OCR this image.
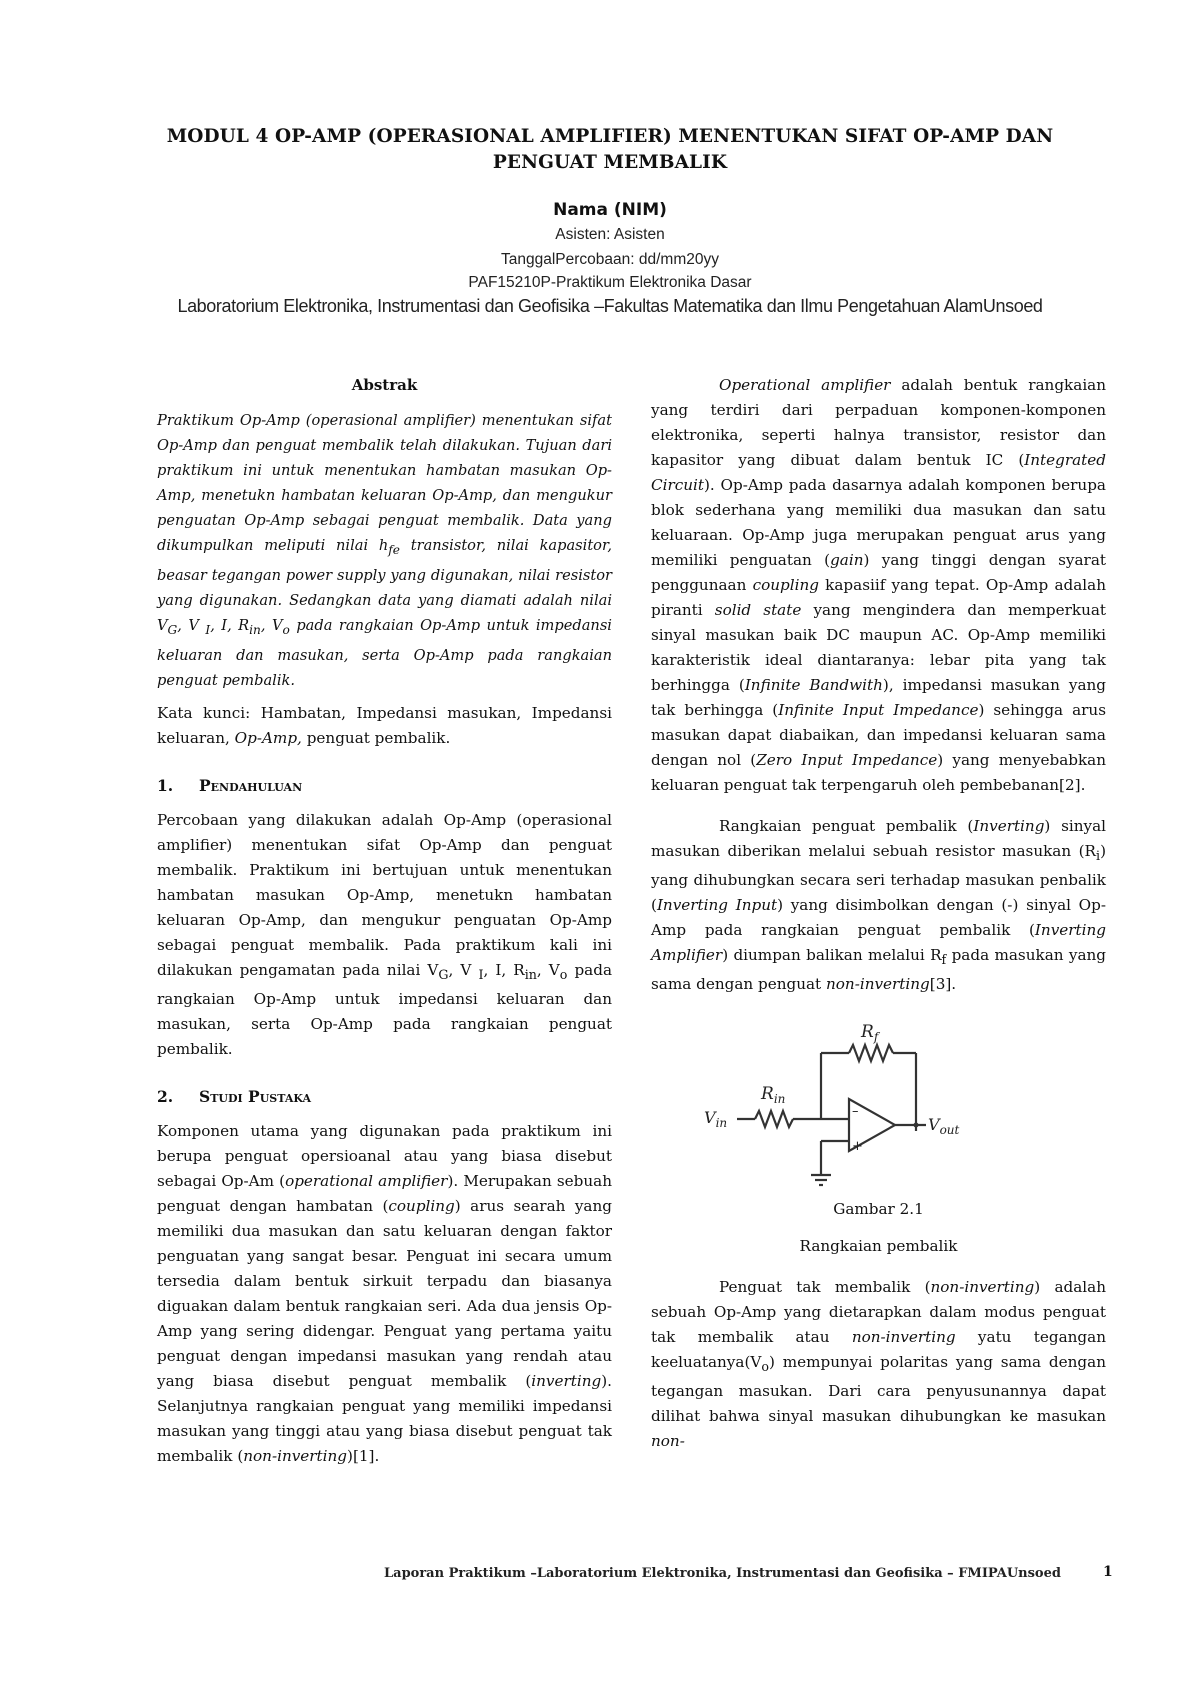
MODUL 4 OP-AMP (OPERASIONAL AMPLIFIER) MENENTUKAN SIFAT OP-AMP DAN
PENGUAT MEMBALIK
Nama (NIM)
Asisten: Asisten
TanggalPercobaan: dd/mm20yy
PAF15210P-Praktikum Elektronika Dasar
Laboratorium Elektronika, Instrumentasi dan Geofisika –Fakultas Matematika dan Ilmu Pengetahuan AlamUnsoed
Abstrak

Praktikum Op-Amp (operasional amplifier) menentukan sifat Op-Amp dan penguat membalik telah dilakukan. Tujuan dari praktikum ini untuk menentukan hambatan masukan Op-Amp, menetukn hambatan keluaran Op-Amp, dan mengukur penguatan Op-Amp sebagai penguat membalik. Data yang dikumpulkan meliputi nilai $h_{fe}$ transistor, nilai kapasitor, beasar tegangan power supply yang digunakan, nilai resistor yang digunakan. Sedangkan data yang diamati adalah nilai $V_G$, V $_I$, I, $R_{in}$, $V_o$ pada rangkaian Op-Amp untuk impedansi keluaran dan masukan, serta Op-Amp pada rangkaian penguat pembalik.

Kata kunci: Hambatan, Impedansi masukan, Impedansi keluaran, Op-Amp, penguat pembalik.

1. Pendahuluan

Percobaan yang dilakukan adalah Op-Amp (operasional amplifier) menentukan sifat Op-Amp dan penguat membalik. Praktikum ini bertujuan untuk menentukan hambatan masukan Op-Amp, menetukn hambatan keluaran Op-Amp, dan mengukur penguatan Op-Amp sebagai penguat membalik. Pada praktikum kali ini dilakukan pengamatan pada nilai $V_G$, V $_I$, I, $R_{in}$, $V_o$ pada rangkaian Op-Amp untuk impedansi keluaran dan masukan, serta Op-Amp pada rangkaian penguat pembalik.

2. Studi Pustaka

Komponen utama yang digunakan pada praktikum ini berupa penguat opersioanal atau yang biasa disebut sebagai Op-Am (operational amplifier). Merupakan sebuah penguat dengan hambatan (coupling) arus searah yang memiliki dua masukan dan satu keluaran dengan faktor penguatan yang sangat besar. Penguat ini secara umum tersedia dalam bentuk sirkuit terpadu dan biasanya diguakan dalam bentuk rangkaian seri. Ada dua jensis Op-Amp yang sering didengar. Penguat yang pertama yaitu penguat dengan impedansi masukan yang rendah atau yang biasa disebut penguat membalik (inverting). Selanjutnya rangkaian penguat yang memiliki impedansi masukan yang tinggi atau yang biasa disebut penguat tak membalik (non-inverting)[1].

Operational amplifier adalah bentuk rangkaian yang terdiri dari perpaduan komponen-komponen elektronika, seperti halnya transistor, resistor dan kapasitor yang dibuat dalam bentuk IC (Integrated Circuit). Op-Amp pada dasarnya adalah komponen berupa blok sederhana yang memiliki dua masukan dan satu keluaraan. Op-Amp juga merupakan penguat arus yang memiliki penguatan (gain) yang tinggi dengan syarat penggunaan coupling kapasiif yang tepat. Op-Amp adalah piranti solid state yang mengindera dan memperkuat sinyal masukan baik DC maupun AC. Op-Amp memiliki karakteristik ideal diantaranya: lebar pita yang tak berhingga (Infinite Bandwith), impedansi masukan yang tak berhingga (Infinite Input Impedance) sehingga arus masukan dapat diabaikan, dan impedansi keluaran sama dengan nol (Zero Input Impedance) yang menyebabkan keluaran penguat tak terpengaruh oleh pembebanan[2].

Rangkaian penguat pembalik (Inverting) sinyal masukan diberikan melalui sebuah resistor masukan $(R_i)$ yang dihubungkan secara seri terhadap masukan penbalik (Inverting Input) yang disimbolkan dengan (-) sinyal Op-Amp pada rangkaian penguat pembalik (Inverting Amplifier) diumpan balikan melalui $R_f$ pada masukan yang sama dengan penguat non-inverting[3].

–
+
$R_f$
$R_{in}$
$V_{in}$	$V_{out}$
Gambar 2.1
Rangkaian pembalik

Penguat tak membalik (non-inverting) adalah sebuah Op-Amp yang dietarapkan dalam modus penguat tak membalik atau non-inverting yatu tegangan $keeluatanya(V_o)$ mempunyai polaritas yang sama dengan tegangan masukan. Dari cara penyusunannya dapat dilihat bahwa sinyal masukan dihubungkan ke masukan non-

Laporan Praktikum –Laboratorium Elektronika, Instrumentasi dan Geofisika – FMIPAUnsoed	1
